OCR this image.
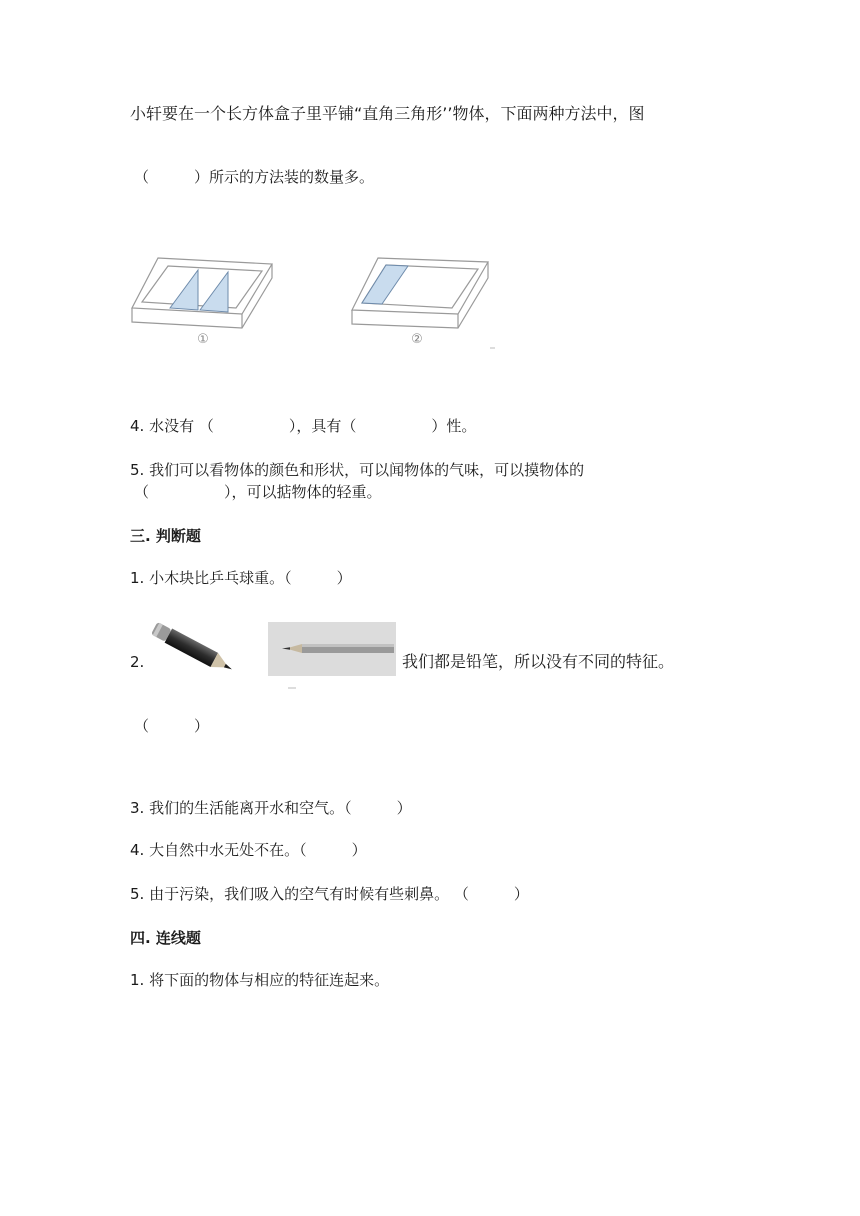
小轩要在一个长方体盒子里平铺“直角三角形’’物体，下面两种方法中，图
（　　　）所示的方法装的数量多。
①	②
4. 水没有 （　　　　　），具有（　　　　　）性。
5. 我们可以看物体的颜色和形状，可以闻物体的气味，可以摸物体的
（　　　　　），可以掂物体的轻重。
三. 判断题
1. 小木块比乒乓球重。（　　　）
2.	我们都是铅笔，所以没有不同的特征。
（　　　）
3. 我们的生活能离开水和空气。（　　　）
4. 大自然中水无处不在。（　　　）
5. 由于污染，我们吸入的空气有时候有些刺鼻。 （　　　）
四. 连线题
1. 将下面的物体与相应的特征连起来。
